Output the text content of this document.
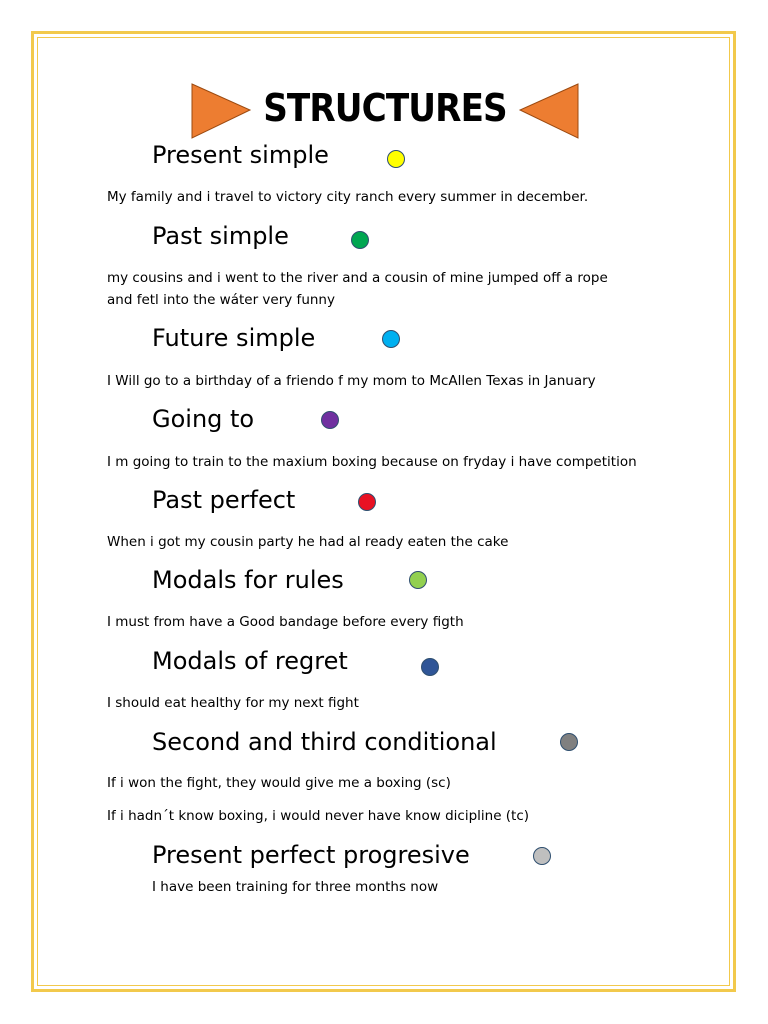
STRUCTURES
Present simple
My family and i travel to victory city ranch every summer in december.
Past simple
my cousins and i went to the river and a cousin of mine jumped off a rope
and fetl into the wáter very funny
Future simple
I Will go to a birthday of a friendo f my mom to McAllen Texas in January
Going to
I m going to train to the maxium boxing because on fryday i have competition
Past perfect
When i got my cousin party he had al ready eaten the cake
Modals for rules
I must from have a Good bandage before every figth
Modals of regret
I should eat healthy for my next fight
Second and third conditional
If i won the fight, they would give me a boxing (sc)
If i hadn´t know boxing, i would never have know dicipline (tc)
Present perfect progresive
I have been training for three months now
